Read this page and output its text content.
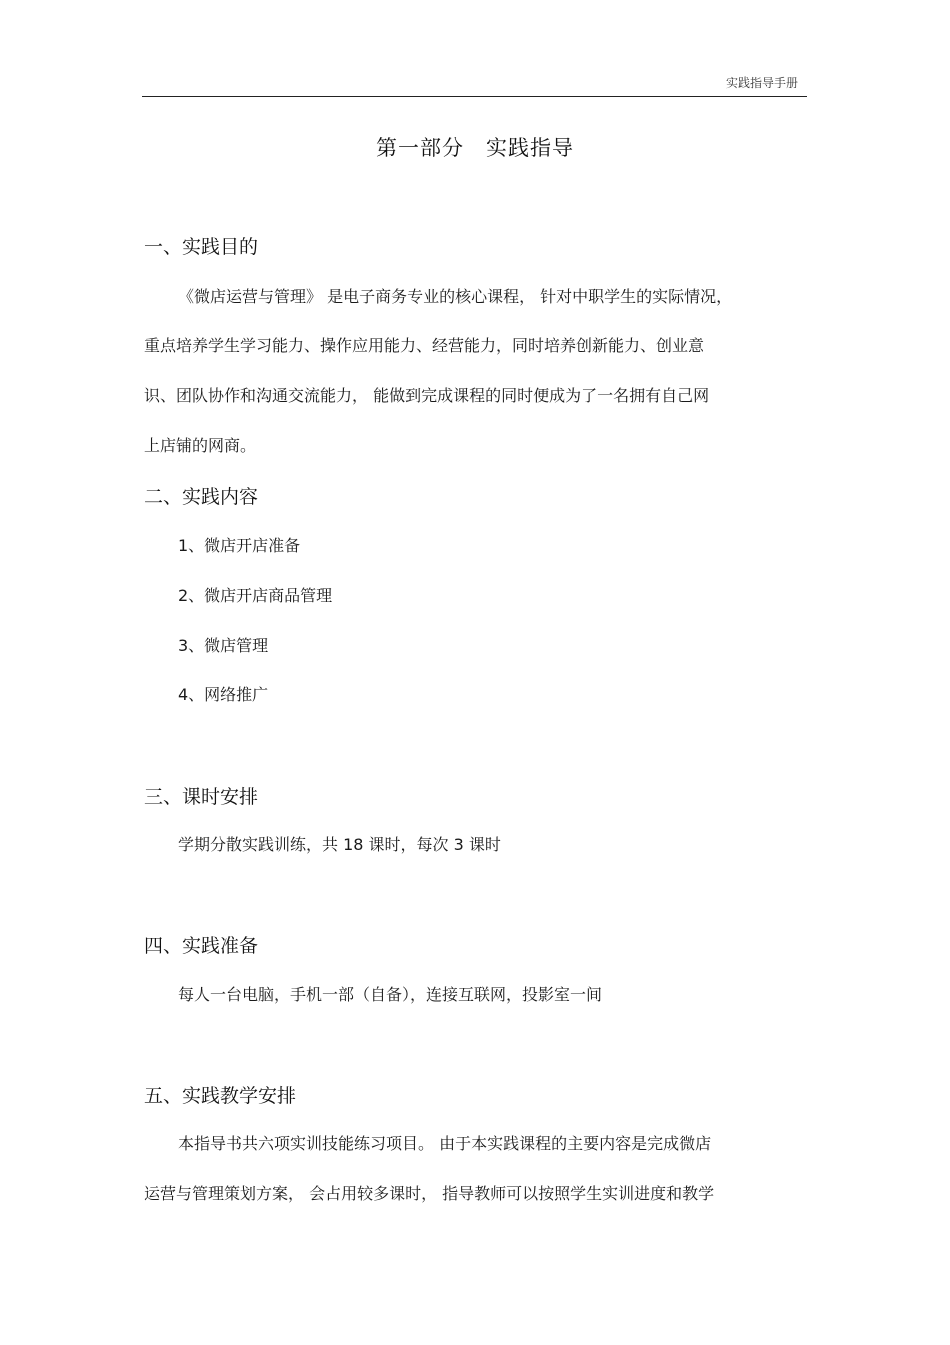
实践指导手册
第一部分　实践指导
一、实践目的
《微店运营与管理》 是电子商务专业的核心课程， 针对中职学生的实际情况，
重点培养学生学习能力、操作应用能力、经营能力，同时培养创新能力、创业意
识、团队协作和沟通交流能力， 能做到完成课程的同时便成为了一名拥有自己网
上店铺的网商。
二、实践内容
1、微店开店准备
2、微店开店商品管理
3、微店管理
4、网络推广
三、课时安排
学期分散实践训练，共 18 课时，每次 3 课时
四、实践准备
每人一台电脑，手机一部（自备），连接互联网，投影室一间
五、实践教学安排
本指导书共六项实训技能练习项目。 由于本实践课程的主要内容是完成微店
运营与管理策划方案， 会占用较多课时， 指导教师可以按照学生实训进度和教学
